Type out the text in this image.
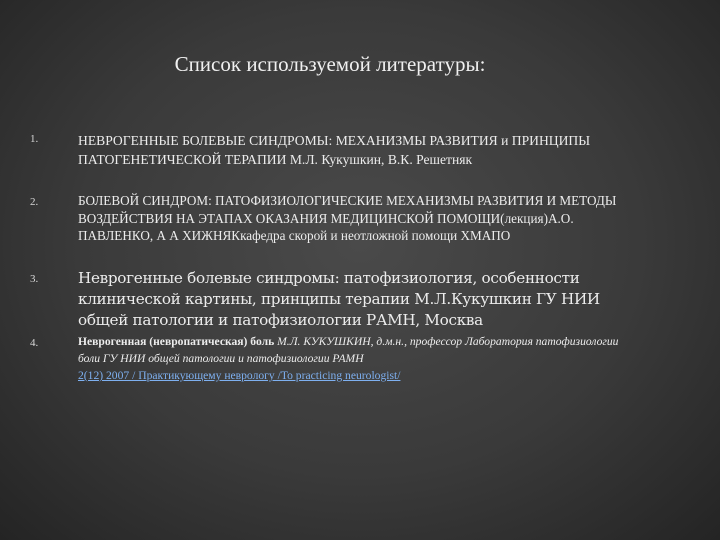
Список используемой литературы:
1.	НЕВРОГЕННЫЕ БОЛЕВЫЕ СИНДРОМЫ: МЕХАНИЗМЫ РАЗВИТИЯ и ПРИНЦИПЫ ПАТОГЕНЕТИЧЕСКОЙ ТЕРАПИИ М.Л. Кукушкин, В.К. Решетняк
2.	БОЛЕВОЙ СИНДРОМ: ПАТОФИЗИОЛОГИЧЕСКИЕ МЕХАНИЗМЫ РАЗВИТИЯ И МЕТОДЫ ВОЗДЕЙСТВИЯ НА ЭТАПАХ ОКАЗАНИЯ МЕДИЦИНСКОЙ ПОМОЩИ(лекция)А.О. ПАВЛЕНКО, А А ХИЖНЯКкафедра скорой и неотложной помощи ХМАПО
3.	Неврогенные болевые синдромы: патофизиология, особенности клинической картины, принципы терапии М.Л.Кукушкин ГУ НИИ общей патологии и патофизиологии РАМН, Москва
4.	Неврогенная (невропатическая) боль М.Л. КУКУШКИН, д.м.н., профессор Лаборатория патофизиологии боли ГУ НИИ общей патологии и патофизиологии РАМН
2(12) 2007 / Практикующему неврологу /To practicing neurologist/
